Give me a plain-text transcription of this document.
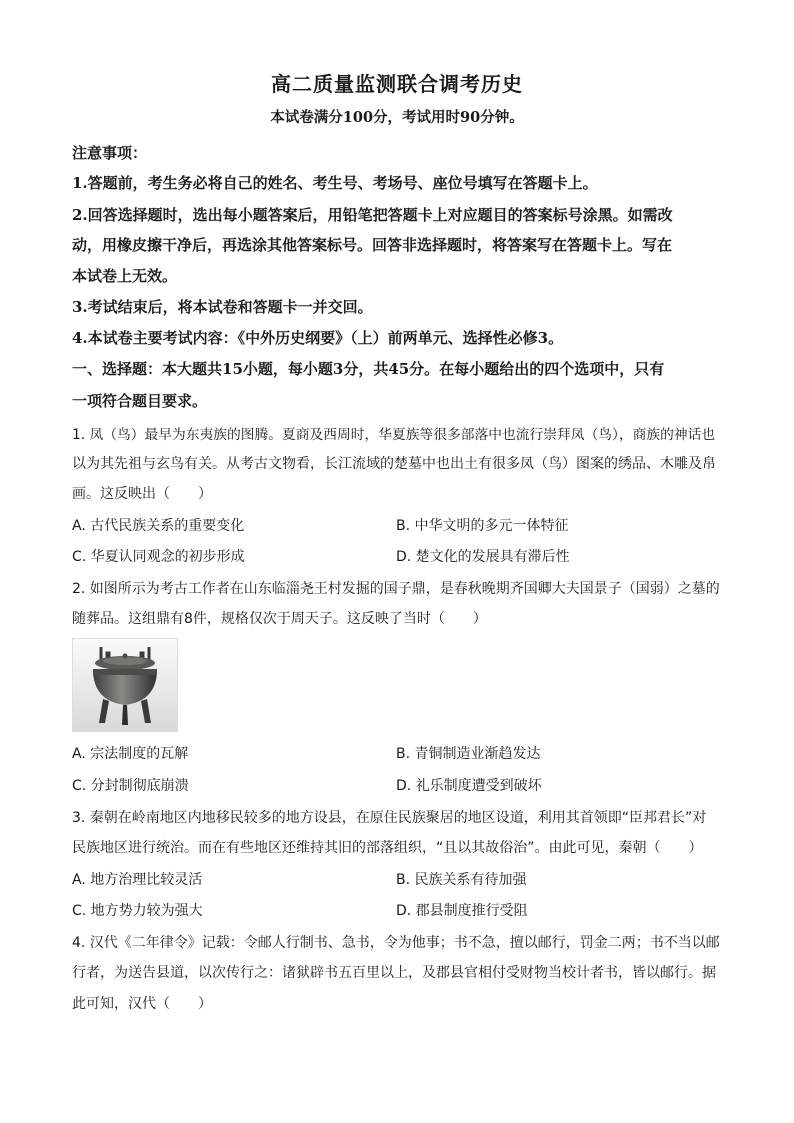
高二质量监测联合调考历史
本试卷满分100分，考试用时90分钟。
注意事项：
1.答题前，考生务必将自己的姓名、考生号、考场号、座位号填写在答题卡上。
2.回答选择题时，选出每小题答案后，用铅笔把答题卡上对应题目的答案标号涂黑。如需改
动，用橡皮擦干净后，再选涂其他答案标号。回答非选择题时，将答案写在答题卡上。写在
本试卷上无效。
3.考试结束后，将本试卷和答题卡一并交回。
4.本试卷主要考试内容：《中外历史纲要》（上）前两单元、选择性必修3。
一、选择题：本大题共15小题，每小题3分，共45分。在每小题给出的四个选项中，只有
一项符合题目要求。
1. 凤（鸟）最早为东夷族的图腾。夏商及西周时，华夏族等很多部落中也流行崇拜凤（鸟），商族的神话也
以为其先祖与玄鸟有关。从考古文物看，长江流域的楚墓中也出土有很多凤（鸟）图案的绣品、木雕及帛
画。这反映出（　　）
A. 古代民族关系的重要变化	B. 中华文明的多元一体特征
C. 华夏认同观念的初步形成	D. 楚文化的发展具有滞后性
2. 如图所示为考古工作者在山东临淄尧王村发掘的国子鼎，是春秋晚期齐国卿大夫国景子（国弱）之墓的
随葬品。这组鼎有8件，规格仅次于周天子。这反映了当时（　　）
A. 宗法制度的瓦解	B. 青铜制造业渐趋发达
C. 分封制彻底崩溃	D. 礼乐制度遭受到破坏
3. 秦朝在岭南地区内地移民较多的地方设县，在原住民族聚居的地区设道，利用其首领即“臣邦君长”对
民族地区进行统治。而在有些地区还维持其旧的部落组织，“且以其故俗治”。由此可见，秦朝（　　）
A. 地方治理比较灵活	B. 民族关系有待加强
C. 地方势力较为强大	D. 郡县制度推行受阻
4. 汉代《二年律令》记载：令邮人行制书、急书，令为他事；书不急，擅以邮行，罚金二两；书不当以邮
行者，为送告县道，以次传行之：诸狱辟书五百里以上，及郡县官相付受财物当校计者书，皆以邮行。据
此可知，汉代（　　）
